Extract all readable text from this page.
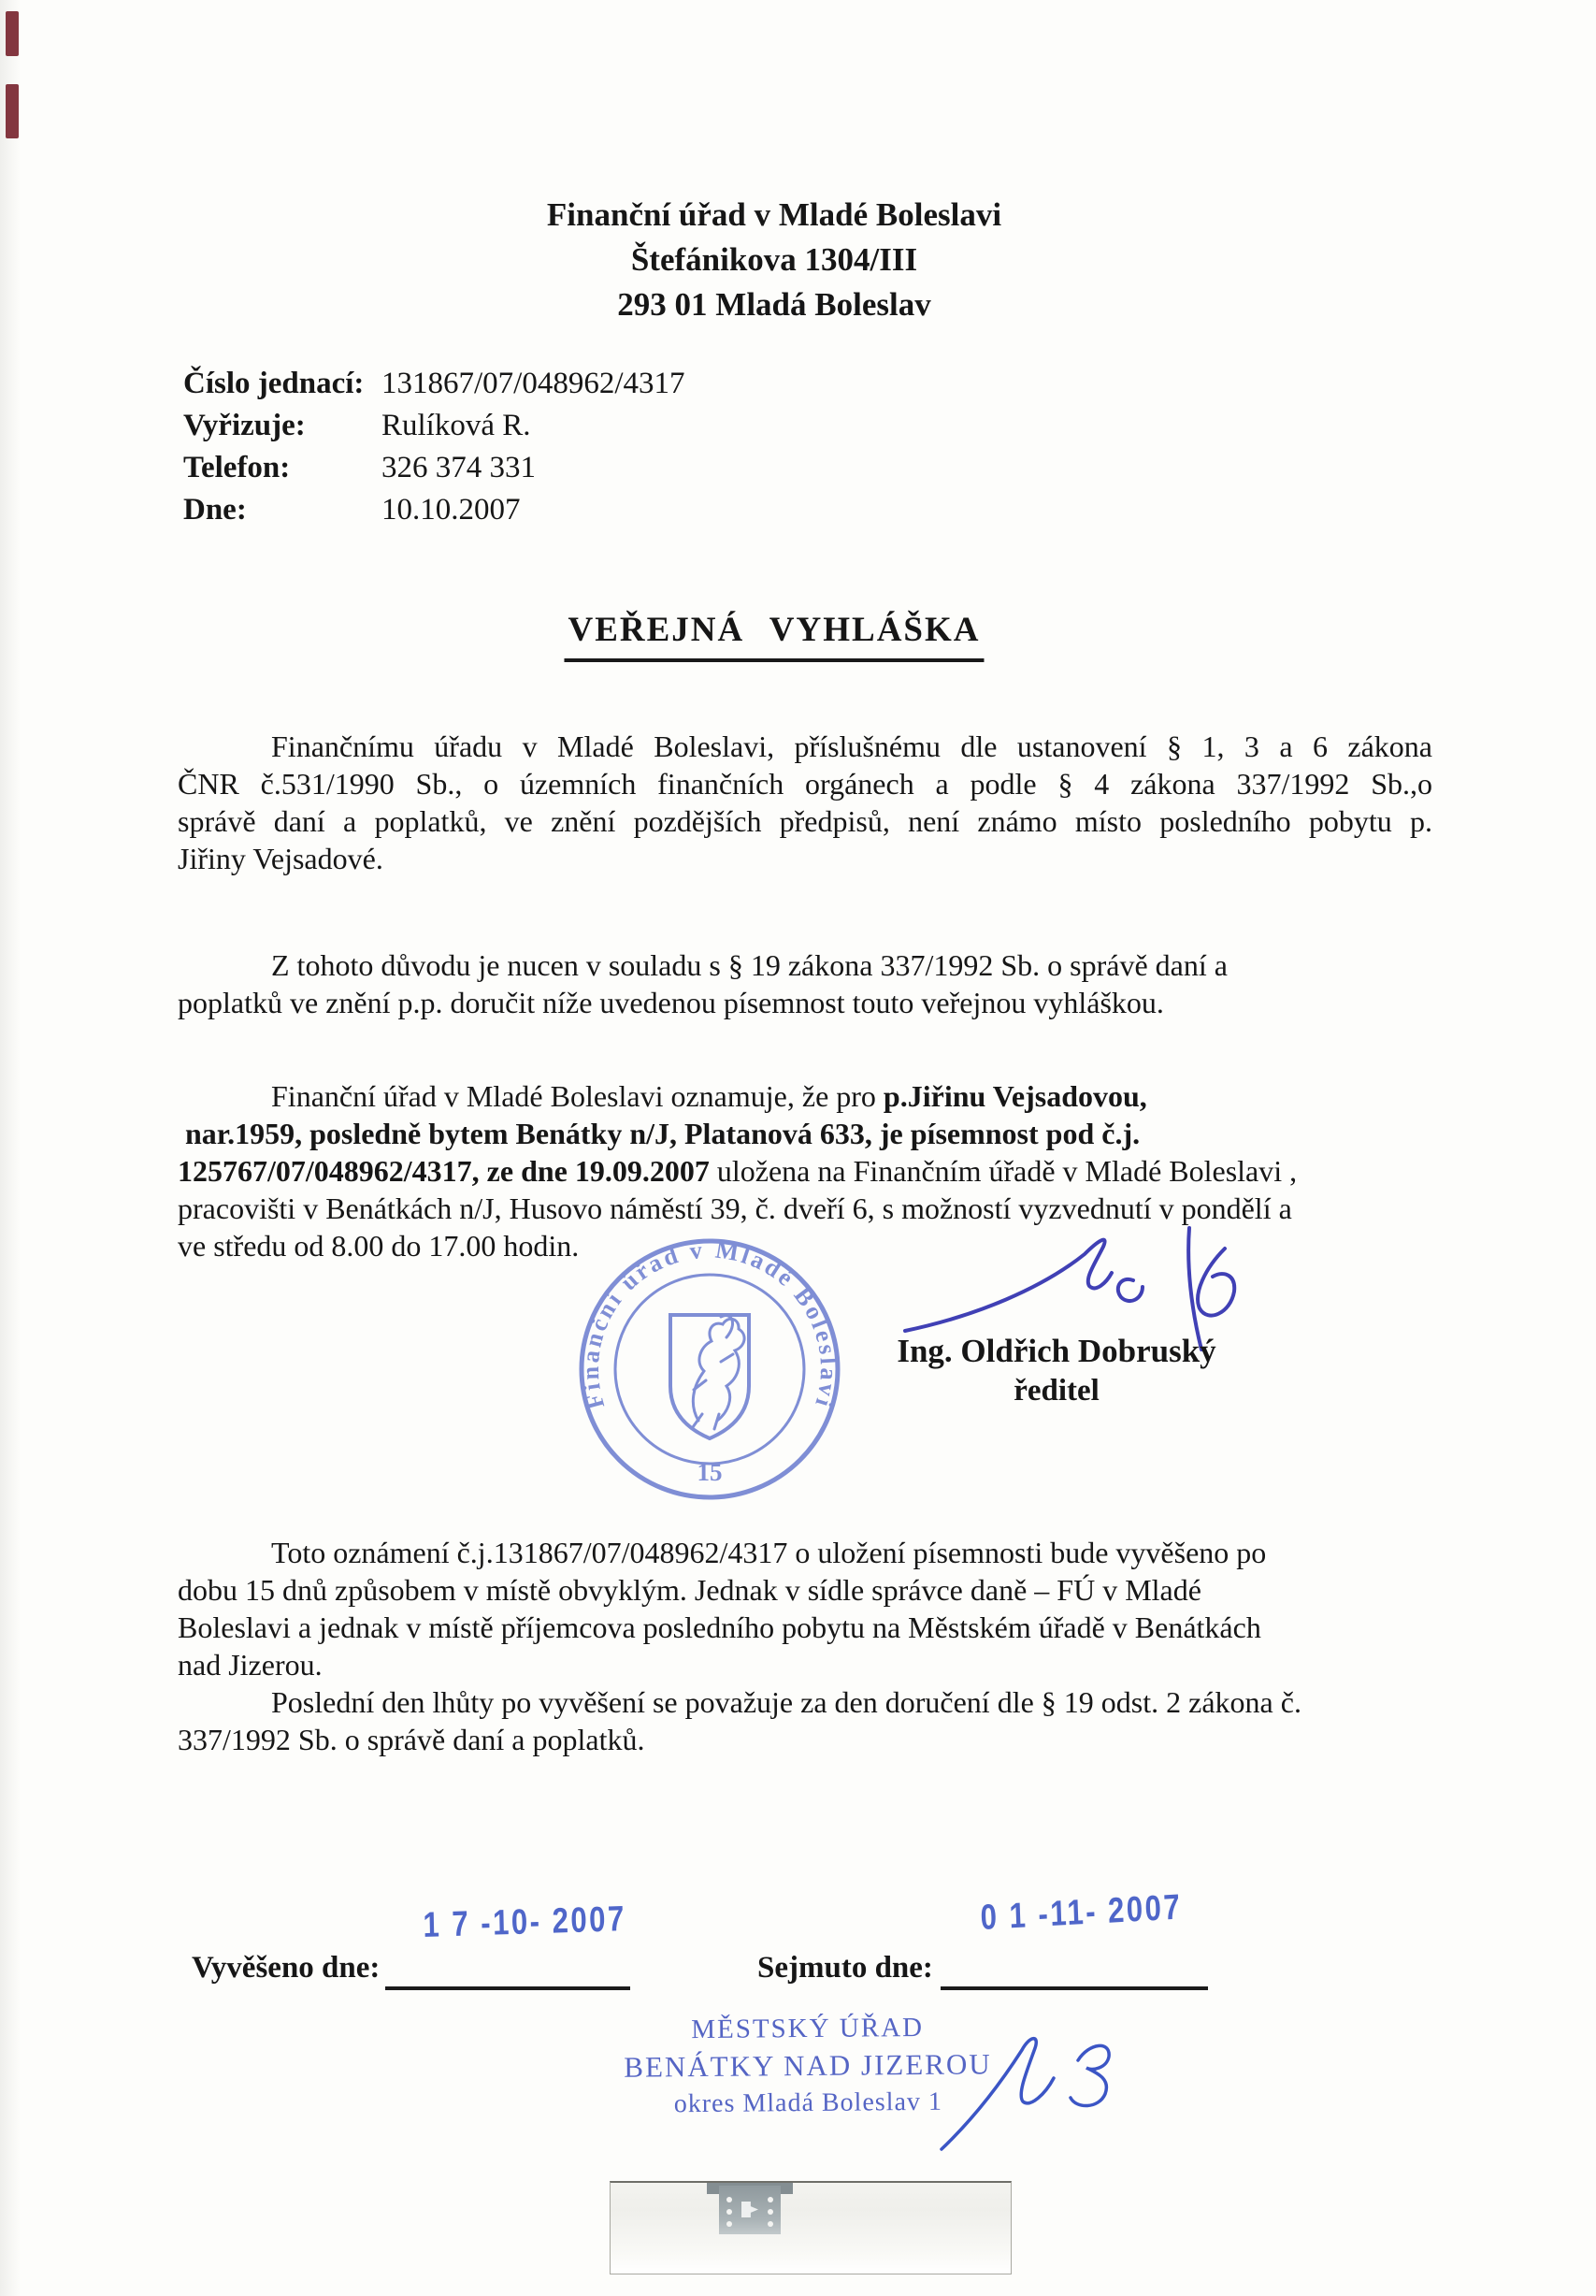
Finanční úřad v Mladé Boleslavi
Štefánikova 1304/III
293 01 Mladá Boleslav
Číslo jednací: 131867/07/048962/4317
Vyřizuje:	Rulíková R.
Telefon:	326 374 331
Dne:	10.10.2007
VEŘEJNÁ VYHLÁŠKA
Finančnímu úřadu v Mladé Boleslavi, příslušnému dle ustanovení § 1, 3 a 6 zákona
ČNR č.531/1990 Sb., o územních finančních orgánech a podle § 4 zákona 337/1992 Sb.,o
správě daní a poplatků, ve znění pozdějších předpisů, není známo místo posledního pobytu p.
Jiřiny Vejsadové.
Z tohoto důvodu je nucen v souladu s § 19 zákona 337/1992 Sb. o správě daní a
poplatků ve znění p.p. doručit níže uvedenou písemnost touto veřejnou vyhláškou.
Finanční úřad v Mladé Boleslavi oznamuje, že pro p.Jiřinu Vejsadovou,
nar.1959, posledně bytem Benátky n/J, Platanová 633, je písemnost pod č.j.
125767/07/048962/4317, ze dne 19.09.2007 uložena na Finančním úřadě v Mladé Boleslavi ,
pracovišti v Benátkách n/J, Husovo náměstí 39, č. dveří 6, s možností vyzvednutí v pondělí a
ve středu od 8.00 do 17.00 hodin.
Finanční úřad v Mladé Boleslavi
15
Ing. Oldřich Dobruský
ředitel
Toto oznámení č.j.131867/07/048962/4317 o uložení písemnosti bude vyvěšeno po
dobu 15 dnů způsobem v místě obvyklým. Jednak v sídle správce daně – FÚ v Mladé
Boleslavi a jednak v místě příjemcova posledního pobytu na Městském úřadě v Benátkách
nad Jizerou.
Poslední den lhůty po vyvěšení se považuje za den doručení dle § 19 odst. 2 zákona č.
337/1992 Sb. o správě daní a poplatků.
1 7 -10- 2007	0 1 -11- 2007
Vyvěšeno dne:	Sejmuto dne:
MĚSTSKÝ ÚŘAD
BENÁTKY NAD JIZEROU
okres Mladá Boleslav 1
